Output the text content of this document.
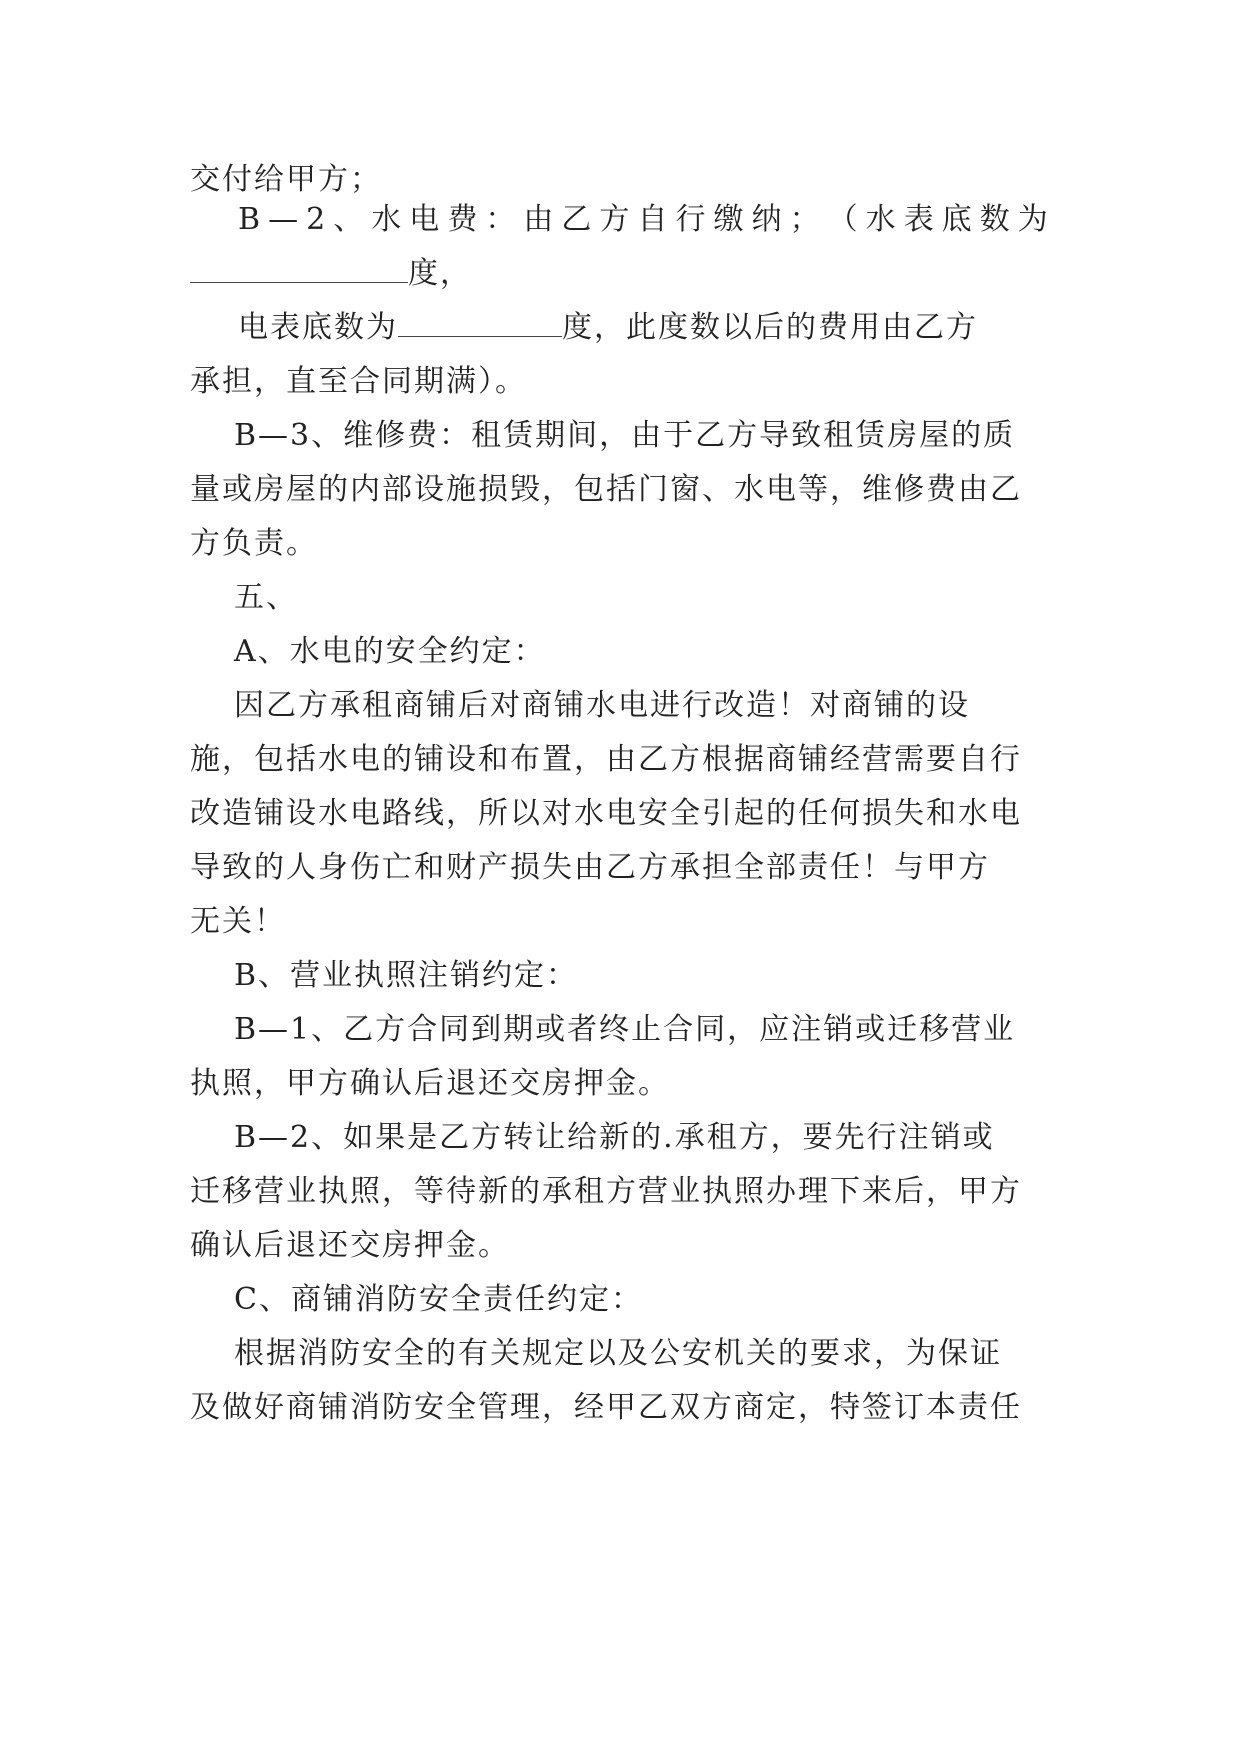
交付给甲方；
B — 2 、 水 电 费 ： 由 乙 方 自 行 缴 纳 ； （ 水 表 底 数 为
度，
电表底数为	度，此度数以后的费用由乙方
承担，直至合同期满）。
B—3、维修费：租赁期间，由于乙方导致租赁房屋的质
量或房屋的内部设施损毁，包括门窗、水电等，维修费由乙
方负责。
五、
A、水电的安全约定：
因乙方承租商铺后对商铺水电进行改造！对商铺的设
施，包括水电的铺设和布置，由乙方根据商铺经营需要自行
改造铺设水电路线，所以对水电安全引起的任何损失和水电
导致的人身伤亡和财产损失由乙方承担全部责任！与甲方
无关！
B、营业执照注销约定：
B—1、乙方合同到期或者终止合同，应注销或迁移营业
执照，甲方确认后退还交房押金。
B—2、如果是乙方转让给新的.承租方，要先行注销或
迁移营业执照，等待新的承租方营业执照办理下来后，甲方
确认后退还交房押金。
C、商铺消防安全责任约定：
根据消防安全的有关规定以及公安机关的要求，为保证
及做好商铺消防安全管理，经甲乙双方商定，特签订本责任
